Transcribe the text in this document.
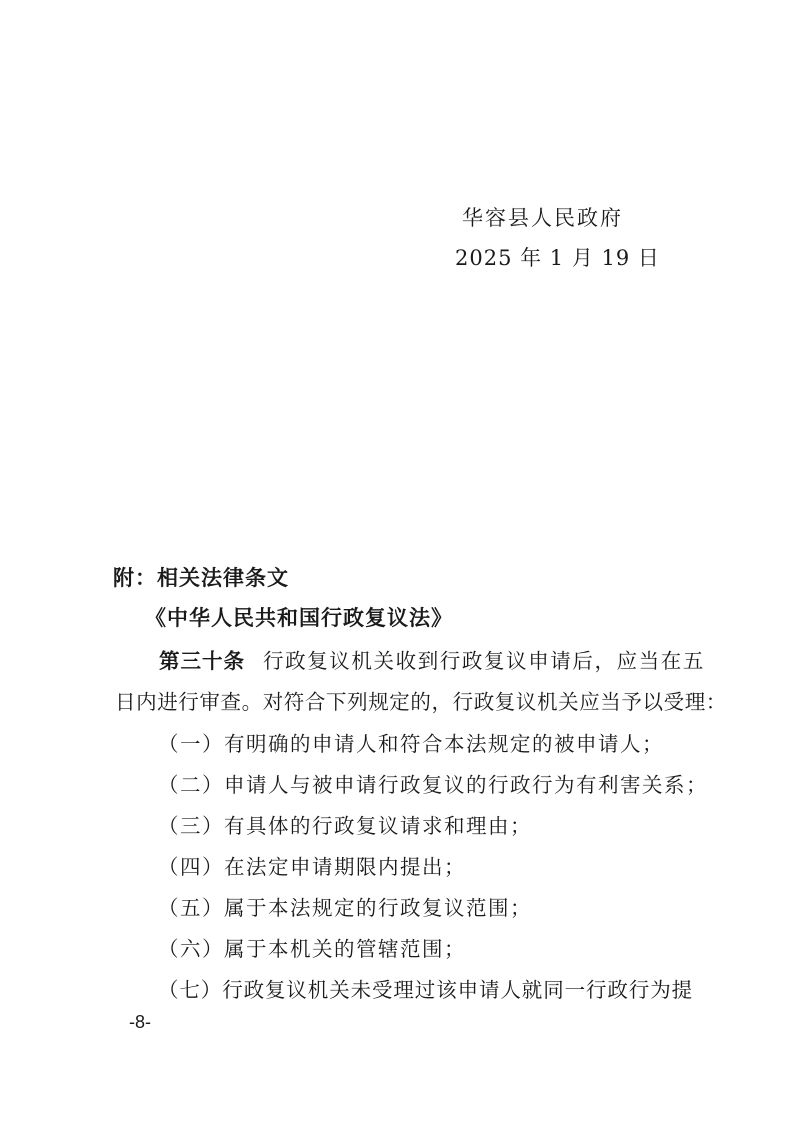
华容县人民政府
2025 年 1 月 19 日
附：相关法律条文
《中华人民共和国行政复议法》
第三十条 行政复议机关收到行政复议申请后，应当在五
日内进行审查。对符合下列规定的，行政复议机关应当予以受理：
（一）有明确的申请人和符合本法规定的被申请人；
（二）申请人与被申请行政复议的行政行为有利害关系；
（三）有具体的行政复议请求和理由；
（四）在法定申请期限内提出；
（五）属于本法规定的行政复议范围；
（六）属于本机关的管辖范围；
（七）行政复议机关未受理过该申请人就同一行政行为提
-8-
